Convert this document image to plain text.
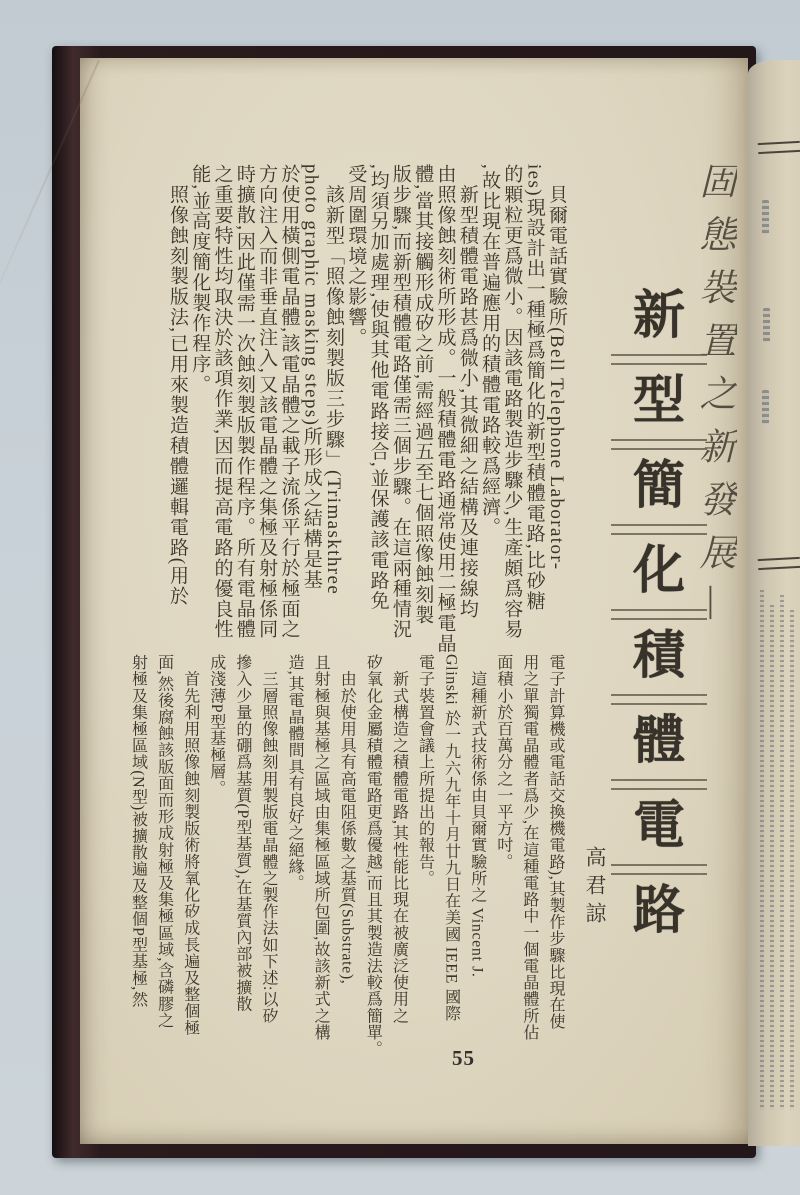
固態裝置之新發展—
新
型
簡
化
積
體
電
路
高君諒
　貝爾電話實驗所(Bell Telephone Laborator-
ies)現設計出一種極爲簡化的新型積體電路,比砂糖
的顆粒更爲微小。因該電路製造步驟少,生產頗爲容易
,故比現在普遍應用的積體電路較爲經濟。
　新型積體電路甚爲微小,其微細之結構及連接線均
由照像蝕刻術所形成。一般積體電路通常使用二極電晶
體,當其接觸形成矽之前,需經過五至七個照像蝕刻製
版步驟,而新型積體電路僅需三個步驟。在這兩種情況
,均須另加處理,使與其他電路接合,並保護該電路免
受周圍環境之影響。
　該新型「照像蝕刻製版三步驟」(Trimaskthree
photo graphic masking steps)所形成之結構是基
於使用橫側電晶體,該電晶體之載子流係平行於極面之
方向注入而非垂直注入,又該電晶體之集極及射極係同
時擴散,因此僅需一次蝕刻製版製作程序。所有電晶體
之重要特性均取決於該項作業,因而提高電路的優良性
能,並高度簡化製作程序。
　照像蝕刻製版法,已用來製造積體邏輯電路(用於
電子計算機或電話交換機電路),其製作步驟比現在使
用之單獨電晶體者爲少,在這種電路中一個電晶體所佔
面積小於百萬分之一平方吋。
　這種新式技術係由貝爾實驗所之 Vincent J.
Glinski 於一九六九年十月廿九日在美國 IEEE 國際
電子裝置會議上所提出的報告。
　新式構造之積體電路,其性能比現在被廣泛使用之
矽氧化金屬積體電路更爲優越,而且其製造法較爲簡單。
　由於使用具有高電阻係數之基質(Substrate),
且射極與基極之區域由集極區域所包圍,故該新式之構
造,其電晶體間具有良好之絕緣。
　三層照像蝕刻用製版電晶體之製作法如下述:以矽
摻入少量的硼爲基質(P型基質),在基質內部被擴散
成淺薄P型基極層。
　首先利用照像蝕刻製版術將氧化矽成長遍及整個極
面,然後腐蝕該版面而形成射極及集極區域,含磷膠之
射極及集極區域(N型)被擴散遍及整個P型基極,然
55
